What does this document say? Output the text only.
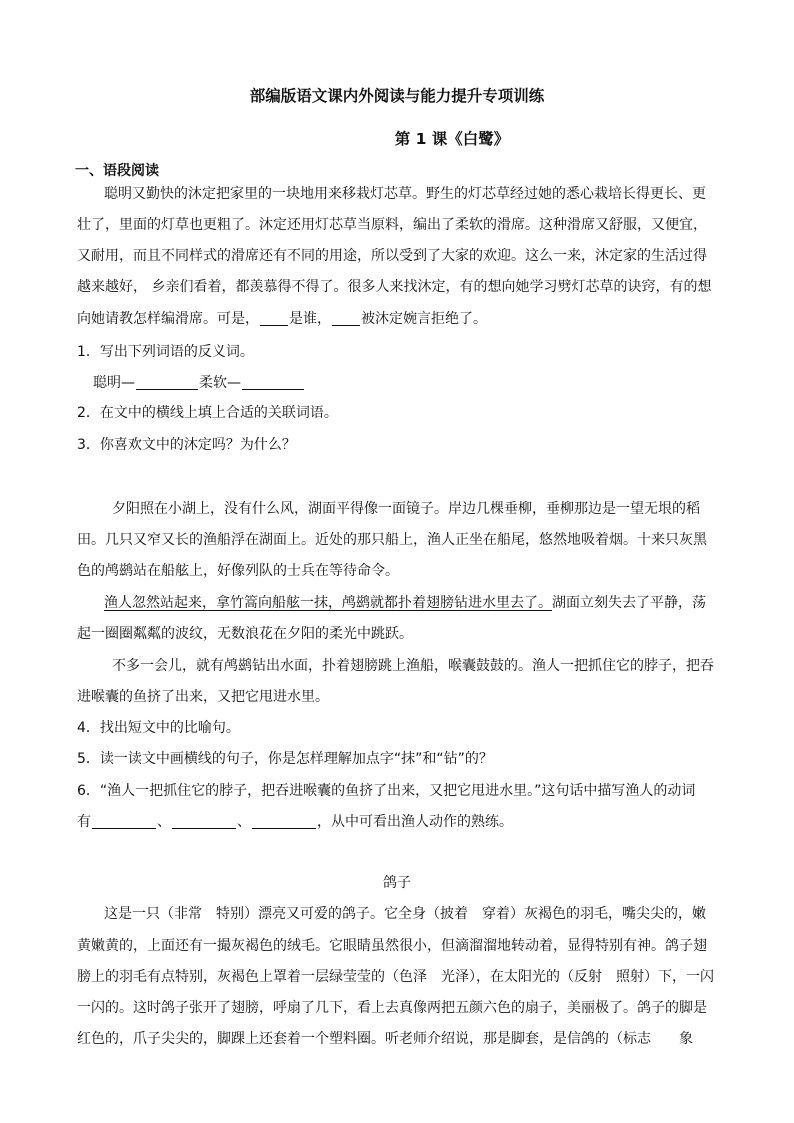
部编版语文课内外阅读与能力提升专项训练
第 1 课《白鹭》
一、语段阅读
聪明又勤快的沐定把家里的一块地用来移栽灯芯草。野生的灯芯草经过她的悉心栽培长得更长、更
壮了，里面的灯草也更粗了。沐定还用灯芯草当原料，编出了柔软的滑席。这种滑席又舒服，又便宜，
又耐用，而且不同样式的滑席还有不同的用途，所以受到了大家的欢迎。这么一来，沐定家的生活过得
越来越好， 乡亲们看着，都羡慕得不得了。很多人来找沐定，有的想向她学习劈灯芯草的诀窍，有的想
向她请教怎样编滑席。可是， 是谁， 被沐定婉言拒绝了。
1．写出下列词语的反义词。
聪明—	柔软—
2．在文中的横线上填上合适的关联词语。
3．你喜欢文中的沐定吗？为什么？
夕阳照在小湖上，没有什么风，湖面平得像一面镜子。岸边几棵垂柳，垂柳那边是一望无垠的稻
田。几只又窄又长的渔船浮在湖面上。近处的那只船上，渔人正坐在船尾，悠然地吸着烟。十来只灰黑
色的鸬鹚站在船舷上，好像列队的士兵在等待命令。
渔人忽然站起来，拿竹篙向船舷一抹，鸬鹚就都扑着翅膀钻进水里去了。湖面立刻失去了平静，荡
起一圈圈粼粼的波纹，无数浪花在夕阳的柔光中跳跃。
不多一会儿，就有鸬鹚钻出水面，扑着翅膀跳上渔船，喉囊鼓鼓的。渔人一把抓住它的脖子，把吞
进喉囊的鱼挤了出来，又把它甩进水里。
4．找出短文中的比喻句。
5．读一读文中画横线的句子，你是怎样理解加点字“抹”和“钻”的？
6．“渔人一把抓住它的脖子，把吞进喉囊的鱼挤了出来，又把它甩进水里。”这句话中描写渔人的动词
有	、	、	，从中可看出渔人动作的熟练。
鸽子
这是一只（非常　特别）漂亮又可爱的鸽子。它全身（披着　穿着）灰褐色的羽毛，嘴尖尖的，嫩
黄嫩黄的，上面还有一撮灰褐色的绒毛。它眼睛虽然很小，但滴溜溜地转动着，显得特别有神。鸽子翅
膀上的羽毛有点特别，灰褐色上罩着一层绿莹莹的（色泽　光泽），在太阳光的（反射　照射）下，一闪
一闪的。这时鸽子张开了翅膀，呼扇了几下，看上去真像两把五颜六色的扇子，美丽极了。鸽子的脚是
红色的，爪子尖尖的，脚踝上还套着一个塑料圈。听老师介绍说，那是脚套，是信鸽的（标志　　象
